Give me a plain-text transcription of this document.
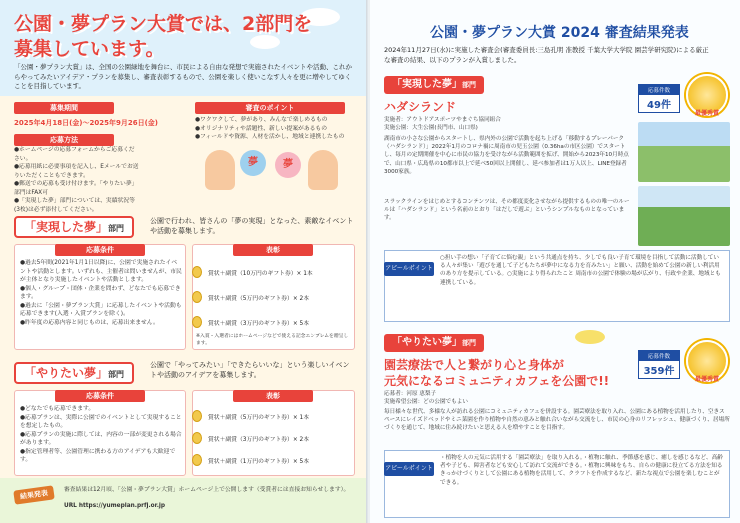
公園・夢プラン大賞では、2部門を
募集しています。

「公園・夢プラン大賞」は、全国の公園緑地を舞台に、市民による自由な発想で実施されたイベントや活動、これからやってみたいアイデア・プランを募集し、審査表彰するもので、公園を楽しく使いこなす人々を更に増やしてゆくことを目指しています。

募集期間
2025年4月18日(金)～2025年9月26日(金)
応募方法
●ホームページの応募フォームからご応募ください。
●応募用紙に必要事項を記入し、Eメールでお送りいただくこともできます。
●郵送での応募も受け付けます。「やりたい夢」部門はFAX可
●「実現した夢」部門については、実績状況等(3枚)は必ず添付してください。
審査のポイント
●ワクワクして、夢があり、みんなで楽しめるもの
●オリジナリティや話題性、新しい提案があるもの
●フィールドや資源、人材を活かし、地域と連携したもの
夢	夢
「実現した夢」部門

公園で行われ、皆さんの「夢の実現」となった、素敵なイベントや活動を募集します。

応募条件
●過去5年間(2021年1月1日以降)に、公園で実施されたイベントや活動とします。いずれも、主催者は問いませんが、市民が主体となり実施したイベントや活動とします。
●個人・グループ・団体・企業を問わず、どなたでも応募できます。
●過去に「公園・夢プラン大賞」に応募したイベントや活動も応募できます(入選・入賞プランを除く)。
●昨年度の応募内容と同じものは、応募出来ません。
表彰
賞状＋副賞（10万円のギフト券）× 1本
賞状＋副賞（5万円のギフト券）× 2本
賞状＋副賞（3万円のギフト券）× 5本
※入賞・入選者にはホームページなどで使える記念エンブレムを贈呈します。
「やりたい夢」部門

公園で「やってみたい」「できたらいいな」という楽しいイベントや活動のアイデアを募集します。

応募条件
●どなたでも応募できます。
●応募プランは、実際に公園でのイベントとして実現することを想定したもの。
●応募プランの実施に際しては、内容の一部が変更される場合があります。
●指定管理者等、公園管理に携わる方のアイデアも大歓迎です。
表彰
賞状＋副賞（5万円のギフト券）× 1本
賞状＋副賞（3万円のギフト券）× 2本
賞状＋副賞（1万円のギフト券）× 5本
結果発表	審査結果は12月頃、「公園・夢プラン大賞」ホームページ上で公開します（受賞者には直接お知らせします）。
URL https://yumeplan.prfj.or.jp
公園・夢プラン大賞 2024 審査結果発表

2024年11月27日(水)に実施した審査会(審査委員長:三島孔明 准教授 千葉大学大学院 園芸学研究院)による厳正な審査の結果、以下のプランが入賞しました。

「実現した夢」部門
応募件数
49件
最優秀賞
ハダシランド
実施者：アウトドアスポーツやまぐち協同組合
実施公園：大生公園(長門市、山口県)
湖南市の小さな公園からスタートし、県内外の公園で活動を起ち上げる「移動するプレーパーク（ハダシランド）」2022年1月のコロナ禍に周南市の児玉公園（0.36haの市区公園）でスタートし、毎月の定期開催を中心に市民の協力を受けながら活動範囲を拡げ、開始から2023年10月時点で、山口県・広島県の10都市以上で延べ50回以上開催し、延べ参加者は1万人以上、LINE登録者3000家族。
スラックラインをはじめとするコンテンツは、その都度変化させながら提供するものの唯一のルールは「ハダシランド」という名前のとおり「はだしで遊ぶ」というシンプルなものとなっています。
アピールポイント
○担い手の想い「子育てに悩む親」という共通点を持ち、少しでも良い子育て環境を目指して活動に活動している人々が集い「遊びを通して子どもたちが夢中になる力を育みたい」と願い、活動を始めて公園の新しい利活用のあり方を提示している。○実施により得られたこと 周南市の公園で体験の場が広がり、行政や企業、地域とも連携している。
「やりたい夢」部門
応募件数
359件
最優秀賞
園芸療法で人と繋がり心と身体が
元気になるコミュニティカフェを公園で!!
応募者：河原 恵梨子
実施希望公園：どの公園でもよい
毎日様々な世代、多様な人が訪れる公園にコミュニティカフェを併設する。園芸療法を取り入れ、公園にある植物を活用したり、空きスペースにレイズドベッドやミニ菜園を作り植物や自然の恵みと触れ合いながら交流をし、市民の心身のリフレッシュ、健康づくり、居場所づくりを通じて、地域に住み続けたいと思える人を増やすことを目指す。
アピールポイント
・植物を人の元気に活用する「園芸療法」を取り入れる。・植物に触れ、季節感を感じ、癒しを感じるなど、高齢者や子ども、障害者なども安心して訪れて交流ができる。・植物に興味をもち、自らの健康に役立てる方法を知るきっかけづくりとして公園にある植物を活用して、クラフトを作成するなど、新たな視点で公園を楽しむことができる。
